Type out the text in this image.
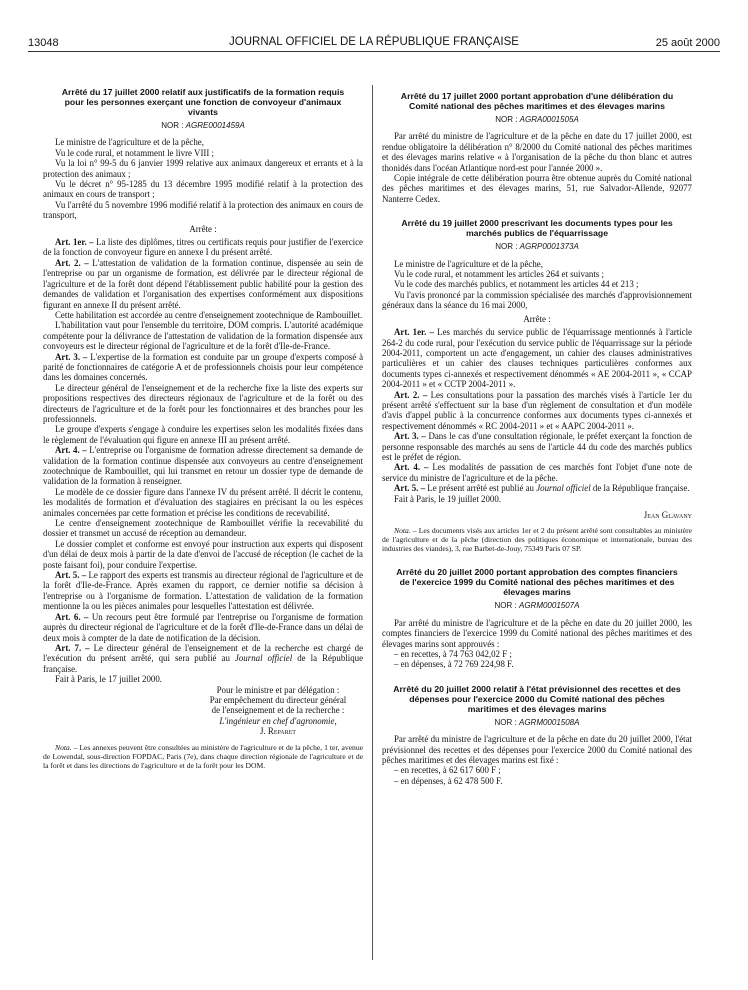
13048	JOURNAL OFFICIEL DE LA RÉPUBLIQUE FRANÇAISE	25 août 2000
Arrêté du 17 juillet 2000 relatif aux justificatifs de la formation requis pour les personnes exerçant une fonction de convoyeur d'animaux vivants
NOR : AGRE0001459A

Le ministre de l'agriculture et de la pêche,

Vu le code rural, et notamment le livre VIII ;

Vu la loi n° 99-5 du 6 janvier 1999 relative aux animaux dangereux et errants et à la protection des animaux ;

Vu le décret n° 95-1285 du 13 décembre 1995 modifié relatif à la protection des animaux en cours de transport ;

Vu l'arrêté du 5 novembre 1996 modifié relatif à la protection des animaux en cours de transport,

Arrête :

Art. 1er. – La liste des diplômes, titres ou certificats requis pour justifier de l'exercice de la fonction de convoyeur figure en annexe I du présent arrêté.

Art. 2. – L'attestation de validation de la formation continue, dispensée au sein de l'entreprise ou par un organisme de formation, est délivrée par le directeur régional de l'agriculture et de la forêt dont dépend l'établissement public habilité pour la gestion des demandes de validation et l'organisation des expertises conformément aux dispositions figurant en annexe II du présent arrêté.

Cette habilitation est accordée au centre d'enseignement zootechnique de Rambouillet.

L'habilitation vaut pour l'ensemble du territoire, DOM compris. L'autorité académique compétente pour la délivrance de l'attestation de validation de la formation dispensée aux convoyeurs est le directeur régional de l'agriculture et de la forêt d'Ile-de-France.

Art. 3. – L'expertise de la formation est conduite par un groupe d'experts composé à parité de fonctionnaires de catégorie A et de professionnels choisis pour leur compétence dans les domaines concernés.

Le directeur général de l'enseignement et de la recherche fixe la liste des experts sur propositions respectives des directeurs régionaux de l'agriculture et de la forêt ou des directeurs de l'agriculture et de la forêt pour les fonctionnaires et des branches pour les professionnels.

Le groupe d'experts s'engage à conduire les expertises selon les modalités fixées dans le règlement de l'évaluation qui figure en annexe III au présent arrêté.

Art. 4. – L'entreprise ou l'organisme de formation adresse directement sa demande de validation de la formation continue dispensée aux convoyeurs au centre d'enseignement zootechnique de Rambouillet, qui lui transmet en retour un dossier type de demande de validation de la formation à renseigner.

Le modèle de ce dossier figure dans l'annexe IV du présent arrêté. Il décrit le contenu, les modalités de formation et d'évaluation des stagiaires en précisant la ou les espèces animales concernées par cette formation et précise les conditions de recevabilité.

Le centre d'enseignement zootechnique de Rambouillet vérifie la recevabilité du dossier et transmet un accusé de réception au demandeur.

Le dossier complet et conforme est envoyé pour instruction aux experts qui disposent d'un délai de deux mois à partir de la date d'envoi de l'accusé de réception (le cachet de la poste faisant foi), pour conduire l'expertise.

Art. 5. – Le rapport des experts est transmis au directeur régional de l'agriculture et de la forêt d'Ile-de-France. Après examen du rapport, ce dernier notifie sa décision à l'entreprise ou à l'organisme de formation. L'attestation de validation de la formation mentionne la ou les pièces animales pour lesquelles l'attestation est délivrée.

Art. 6. – Un recours peut être formulé par l'entreprise ou l'organisme de formation auprès du directeur régional de l'agriculture et de la forêt d'Ile-de-France dans un délai de deux mois à compter de la date de notification de la décision.

Art. 7. – Le directeur général de l'enseignement et de la recherche est chargé de l'exécution du présent arrêté, qui sera publié au Journal officiel de la République française.

Fait à Paris, le 17 juillet 2000.

Pour le ministre et par délégation :
Par empêchement du directeur général
de l'enseignement et de la recherche :
L'ingénieur en chef d'agronomie,
J. Reparet
Nota. – Les annexes peuvent être consultées au ministère de l'agriculture et de la pêche, 1 ter, avenue de Lowendal, sous-direction FOPDAC, Paris (7e), dans chaque direction régionale de l'agriculture et de la forêt et dans les directions de l'agriculture et de la forêt pour les DOM.
Arrêté du 17 juillet 2000 portant approbation d'une délibération du Comité national des pêches maritimes et des élevages marins
NOR : AGRA0001505A

Par arrêté du ministre de l'agriculture et de la pêche en date du 17 juillet 2000, est rendue obligatoire la délibération n° 8/2000 du Comité national des pêches maritimes et des élevages marins relative « à l'organisation de la pêche du thon blanc et autres thonidés dans l'océan Atlantique nord-est pour l'année 2000 ».

Copie intégrale de cette délibération pourra être obtenue auprès du Comité national des pêches maritimes et des élevages marins, 51, rue Salvador-Allende, 92077 Nanterre Cedex.

Arrêté du 19 juillet 2000 prescrivant les documents types pour les marchés publics de l'équarrissage
NOR : AGRP0001373A

Le ministre de l'agriculture et de la pêche,

Vu le code rural, et notamment les articles 264 et suivants ;

Vu le code des marchés publics, et notamment les articles 44 et 213 ;

Vu l'avis prononcé par la commission spécialisée des marchés d'approvisionnement généraux dans la séance du 16 mai 2000,

Arrête :

Art. 1er. – Les marchés du service public de l'équarrissage mentionnés à l'article 264-2 du code rural, pour l'exécution du service public de l'équarrissage sur la période 2004-2011, comportent un acte d'engagement, un cahier des clauses administratives particulières et un cahier des clauses techniques particulières conformes aux documents types ci-annexés et respectivement dénommés « AE 2004-2011 », « CCAP 2004-2011 » et « CCTP 2004-2011 ».

Art. 2. – Les consultations pour la passation des marchés visés à l'article 1er du présent arrêté s'effectuent sur la base d'un règlement de consultation et d'un modèle d'avis d'appel public à la concurrence conformes aux documents types ci-annexés et respectivement dénommés « RC 2004-2011 » et « AAPC 2004-2011 ».

Art. 3. – Dans le cas d'une consultation régionale, le préfet exerçant la fonction de personne responsable des marchés au sens de l'article 44 du code des marchés publics est le préfet de région.

Art. 4. – Les modalités de passation de ces marchés font l'objet d'une note de service du ministre de l'agriculture et de la pêche.

Art. 5. – Le présent arrêté est publié au Journal officiel de la République française.

Fait à Paris, le 19 juillet 2000.

Jean Glavany
Nota. – Les documents visés aux articles 1er et 2 du présent arrêté sont consultables au ministère de l'agriculture et de la pêche (direction des politiques économique et internationale, bureau des industries des viandes), 3, rue Barbet-de-Jouy, 75349 Paris 07 SP.
Arrêté du 20 juillet 2000 portant approbation des comptes financiers de l'exercice 1999 du Comité national des pêches maritimes et des élevages marins
NOR : AGRM0001507A

Par arrêté du ministre de l'agriculture et de la pêche en date du 20 juillet 2000, les comptes financiers de l'exercice 1999 du Comité national des pêches maritimes et des élevages marins sont approuvés :

– en recettes, à 74 763 042,02 F ;

– en dépenses, à 72 769 224,98 F.

Arrêté du 20 juillet 2000 relatif à l'état prévisionnel des recettes et des dépenses pour l'exercice 2000 du Comité national des pêches maritimes et des élevages marins
NOR : AGRM0001508A

Par arrêté du ministre de l'agriculture et de la pêche en date du 20 juillet 2000, l'état prévisionnel des recettes et des dépenses pour l'exercice 2000 du Comité national des pêches maritimes et des élevages marins est fixé :

– en recettes, à 62 617 600 F ;

– en dépenses, à 62 478 500 F.
